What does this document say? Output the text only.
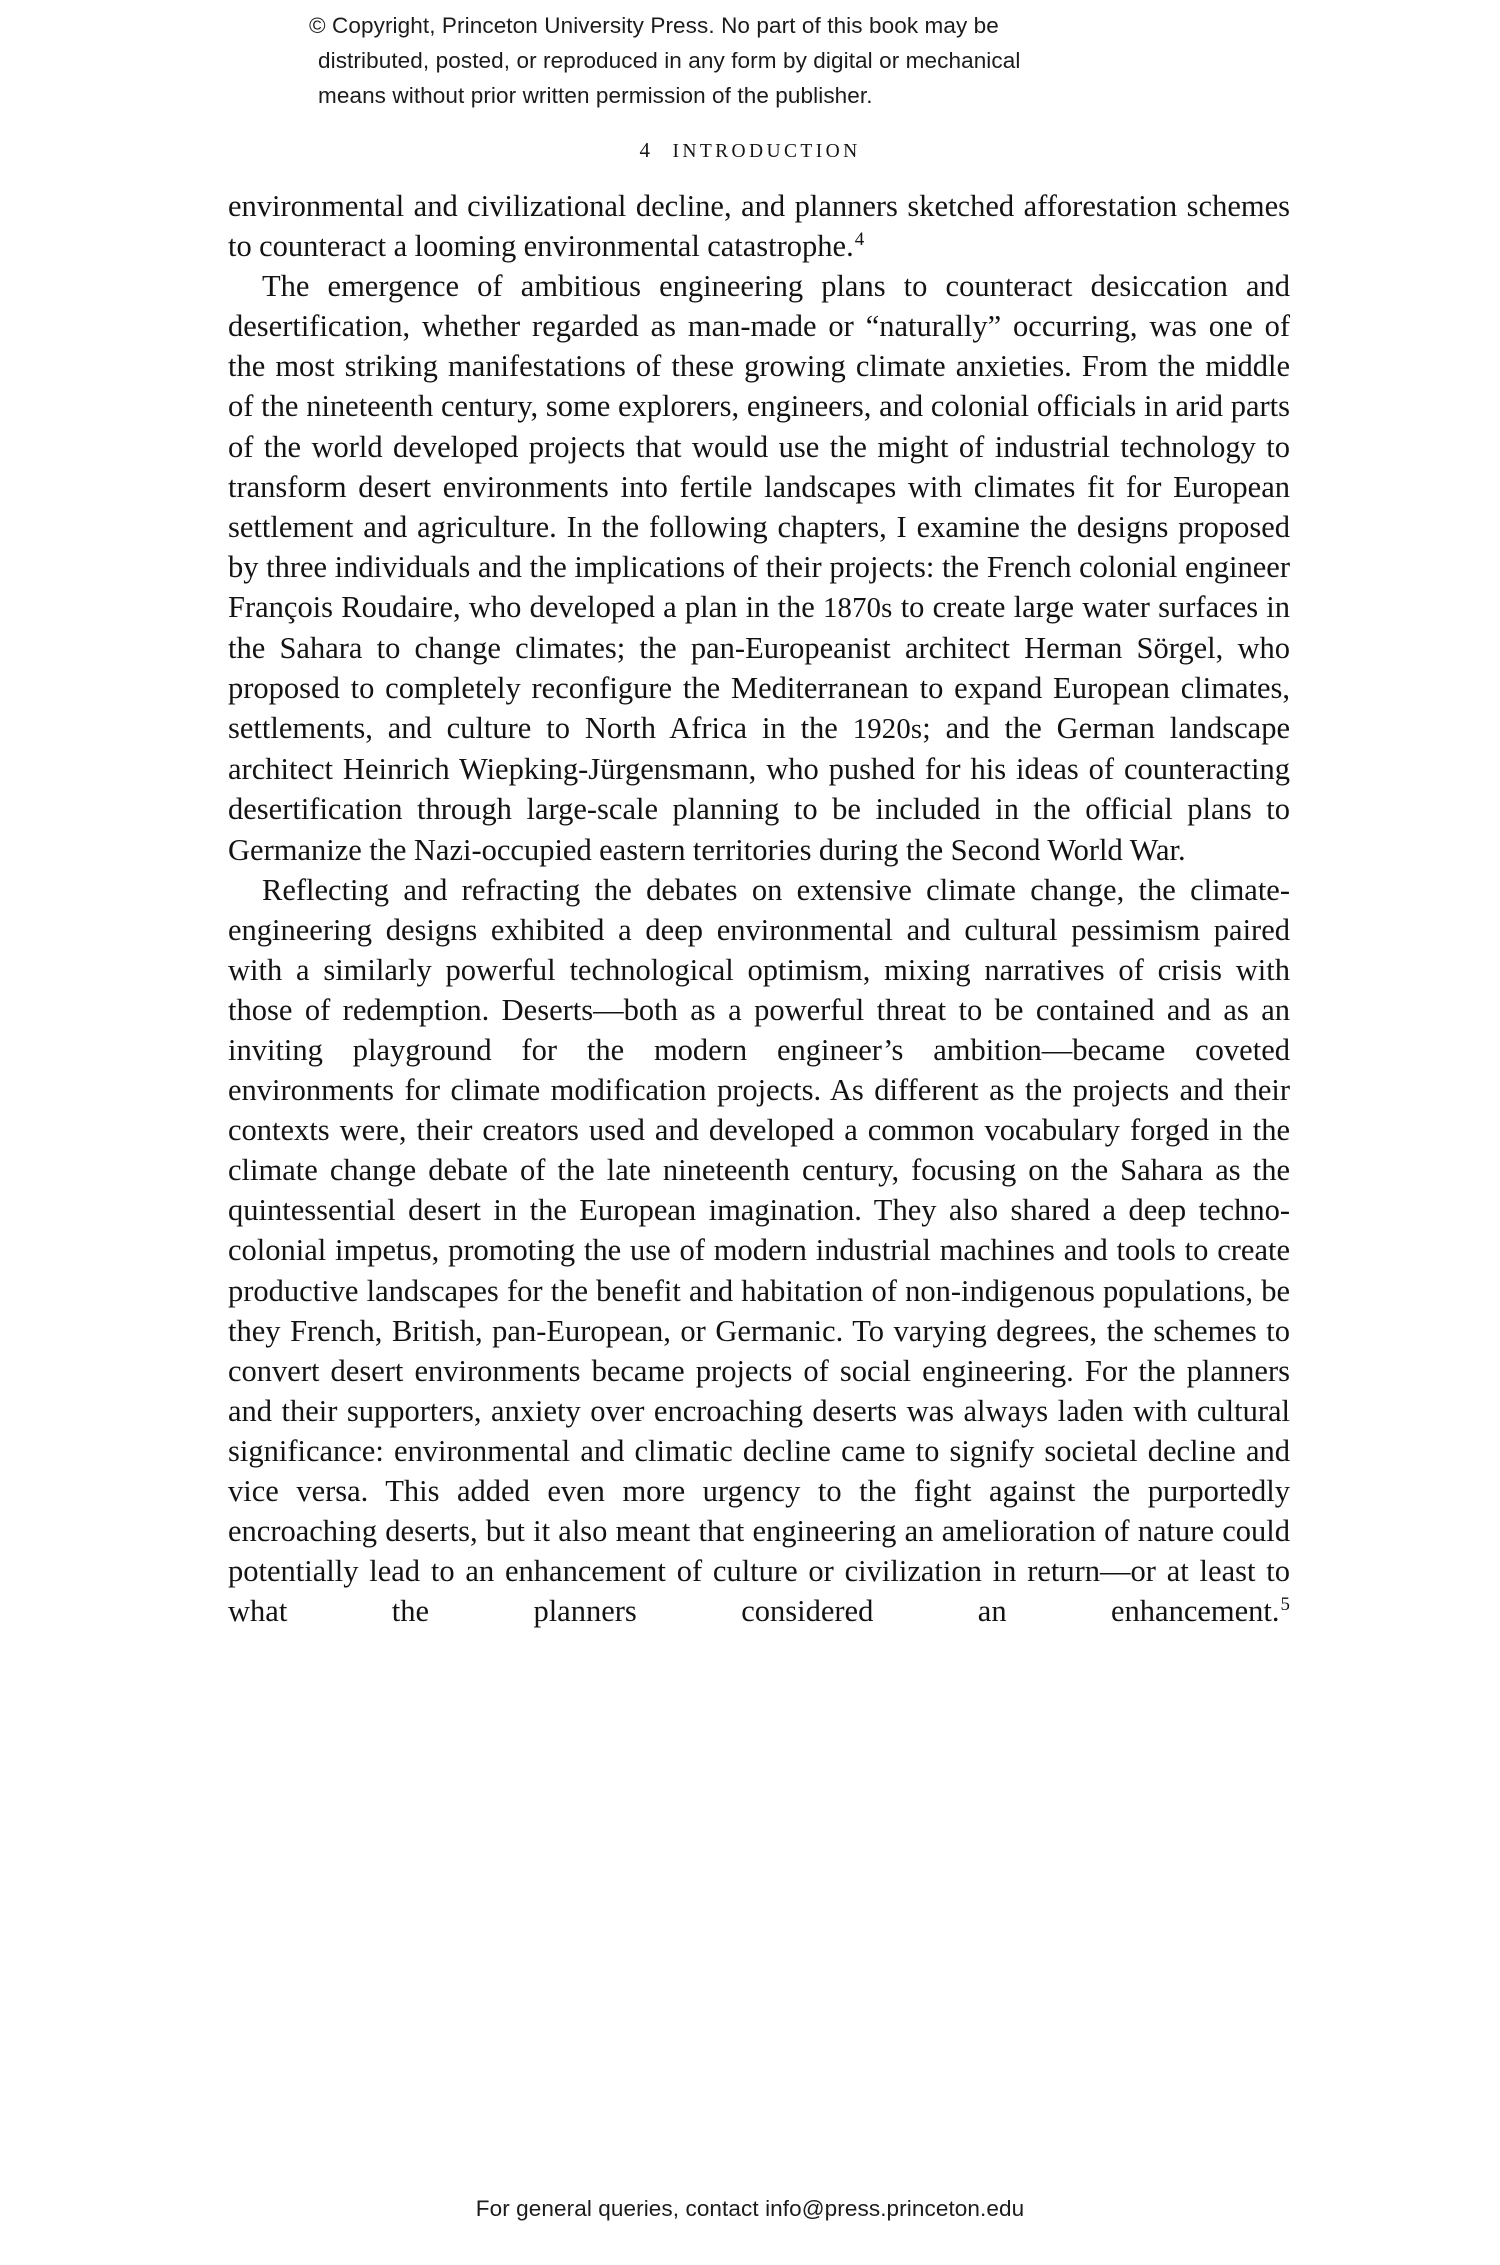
© Copyright, Princeton University Press. No part of this book may be
distributed, posted, or reproduced in any form by digital or mechanical
means without prior written permission of the publisher.
4 INTRODUCTION

environmental and civilizational decline, and planners sketched afforestation schemes to counteract a looming environmental catastrophe.$^4$

The emergence of ambitious engineering plans to counteract desiccation and desertification, whether regarded as man-made or “naturally” occurring, was one of the most striking manifestations of these growing climate anxieties. From the middle of the nineteenth century, some explorers, engineers, and colonial officials in arid parts of the world developed projects that would use the might of industrial technology to transform desert environments into fertile landscapes with climates fit for European settlement and agriculture. In the following chapters, I examine the designs proposed by three individuals and the implications of their projects: the French colonial engineer François Roudaire, who developed a plan in the 1870s to create large water surfaces in the Sahara to change climates; the pan-Europeanist architect Herman Sörgel, who proposed to completely reconfigure the Mediterranean to expand European climates, settlements, and culture to North Africa in the 1920s; and the German landscape architect Heinrich Wiepking-Jürgensmann, who pushed for his ideas of counteracting desertification through large-scale planning to be included in the official plans to Germanize the Nazi-occupied eastern territories during the Second World War.

Reflecting and refracting the debates on extensive climate change, the climate-engineering designs exhibited a deep environmental and cultural pessimism paired with a similarly powerful technological optimism, mixing narratives of crisis with those of redemption. Deserts—both as a powerful threat to be contained and as an inviting playground for the modern engineer’s ambition—became coveted environments for climate modification projects. As different as the projects and their contexts were, their creators used and developed a common vocabulary forged in the climate change debate of the late nineteenth century, focusing on the Sahara as the quintessential desert in the European imagination. They also shared a deep techno-colonial impetus, promoting the use of modern industrial machines and tools to create productive landscapes for the benefit and habitation of non-indigenous populations, be they French, British, pan-European, or Germanic. To varying degrees, the schemes to convert desert environments became projects of social engineering. For the planners and their supporters, anxiety over encroaching deserts was always laden with cultural significance: environmental and climatic decline came to signify societal decline and vice versa. This added even more urgency to the fight against the purportedly encroaching deserts, but it also meant that engineering an amelioration of nature could potentially lead to an enhancement of culture or civilization in return—or at least to what the planners considered an enhancement.$^5$

For general queries, contact info@press.princeton.edu
